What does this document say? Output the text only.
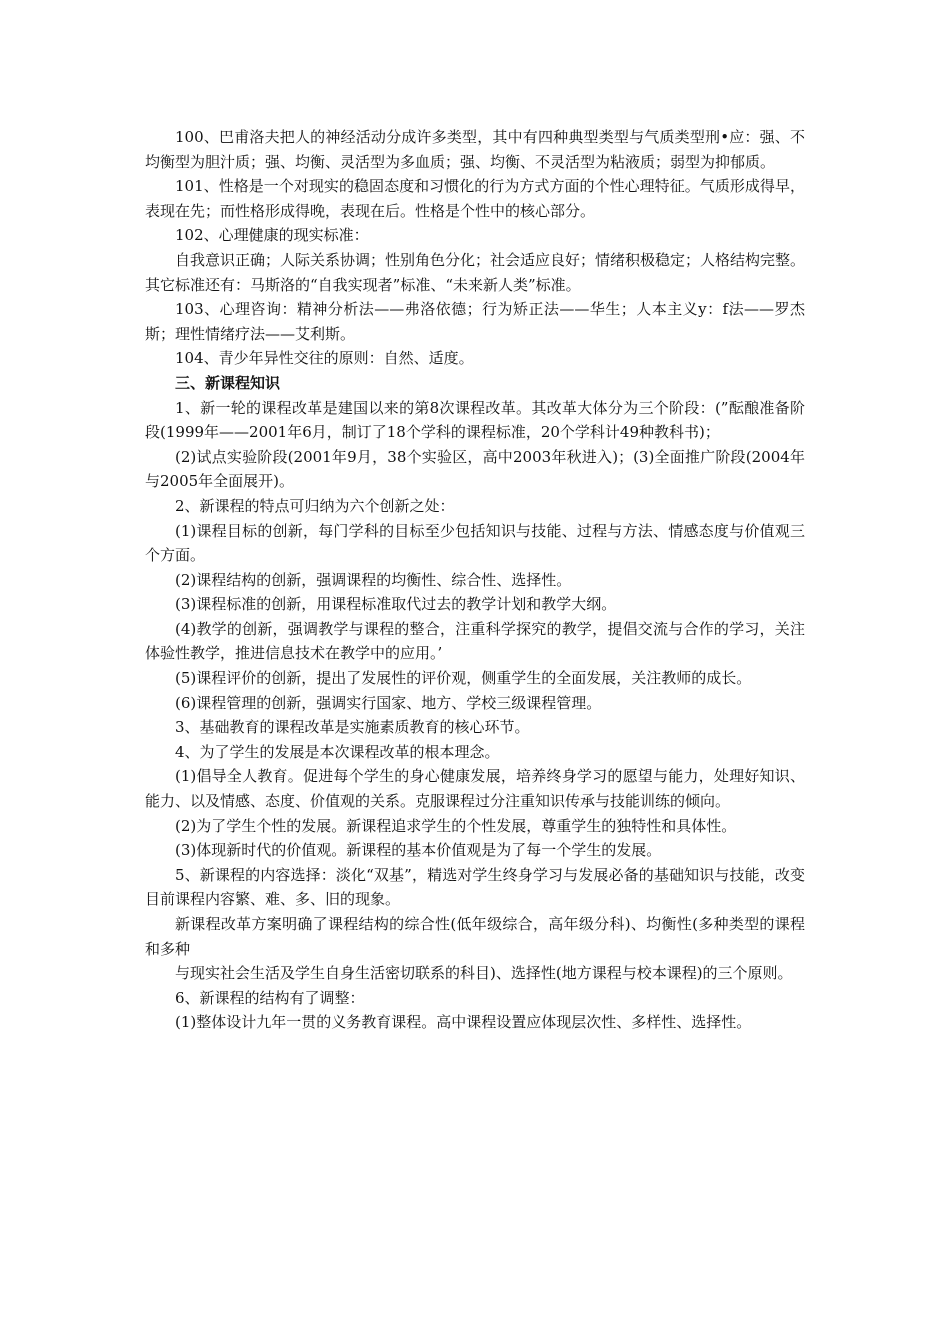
100、巴甫洛夫把人的神经活动分成许多类型，其中有四种典型类型与气质类型刑•应：强、不均衡型为胆汁质；强、均衡、灵活型为多血质；强、均衡、不灵活型为粘液质；弱型为抑郁质。

101、性格是一个对现实的稳固态度和习惯化的行为方式方面的个性心理特征。气质形成得早，表现在先；而性格形成得晚，表现在后。性格是个性中的核心部分。

102、心理健康的现实标准：

自我意识正确；人际关系协调；性别角色分化；社会适应良好；情绪积极稳定；人格结构完整。其它标准还有：马斯洛的“自我实现者”标准、“未来新人类”标准。

103、心理咨询：精神分析法——弗洛依德；行为矫正法——华生；人本主义y：f法——罗杰斯；理性情绪疗法——艾利斯。

104、青少年异性交往的原则：自然、适度。

三、新课程知识

1、新一轮的课程改革是建国以来的第8次课程改革。其改革大体分为三个阶段：(”酝酿准备阶段(1999年——2001年6月，制订了18个学科的课程标准，20个学科计49种教科书)；

(2)试点实验阶段(2001年9月，38个实验区，高中2003年秋进入)；(3)全面推广阶段(2004年与2005年全面展开)。

2、新课程的特点可归纳为六个创新之处：

(1)课程目标的创新，每门学科的目标至少包括知识与技能、过程与方法、情感态度与价值观三个方面。

(2)课程结构的创新，强调课程的均衡性、综合性、选择性。

(3)课程标准的创新，用课程标准取代过去的教学计划和教学大纲。

(4)教学的创新，强调教学与课程的整合，注重科学探究的教学，提倡交流与合作的学习，关注体验性教学，推进信息技术在教学中的应用。’

(5)课程评价的创新，提出了发展性的评价观，侧重学生的全面发展，关注教师的成长。

(6)课程管理的创新，强调实行国家、地方、学校三级课程管理。

3、基础教育的课程改革是实施素质教育的核心环节。

4、为了学生的发展是本次课程改革的根本理念。

(1)倡导全人教育。促进每个学生的身心健康发展，培养终身学习的愿望与能力，处理好知识、能力、以及情感、态度、价值观的关系。克服课程过分注重知识传承与技能训练的倾向。

(2)为了学生个性的发展。新课程追求学生的个性发展，尊重学生的独特性和具体性。

(3)体现新时代的价值观。新课程的基本价值观是为了每一个学生的发展。

5、新课程的内容选择：淡化“双基”，精选对学生终身学习与发展必备的基础知识与技能，改变目前课程内容繁、难、多、旧的现象。

新课程改革方案明确了课程结构的综合性(低年级综合，高年级分科)、均衡性(多种类型的课程和多种

与现实社会生活及学生自身生活密切联系的科目)、选择性(地方课程与校本课程)的三个原则。

6、新课程的结构有了调整：

(1)整体设计九年一贯的义务教育课程。高中课程设置应体现层次性、多样性、选择性。
